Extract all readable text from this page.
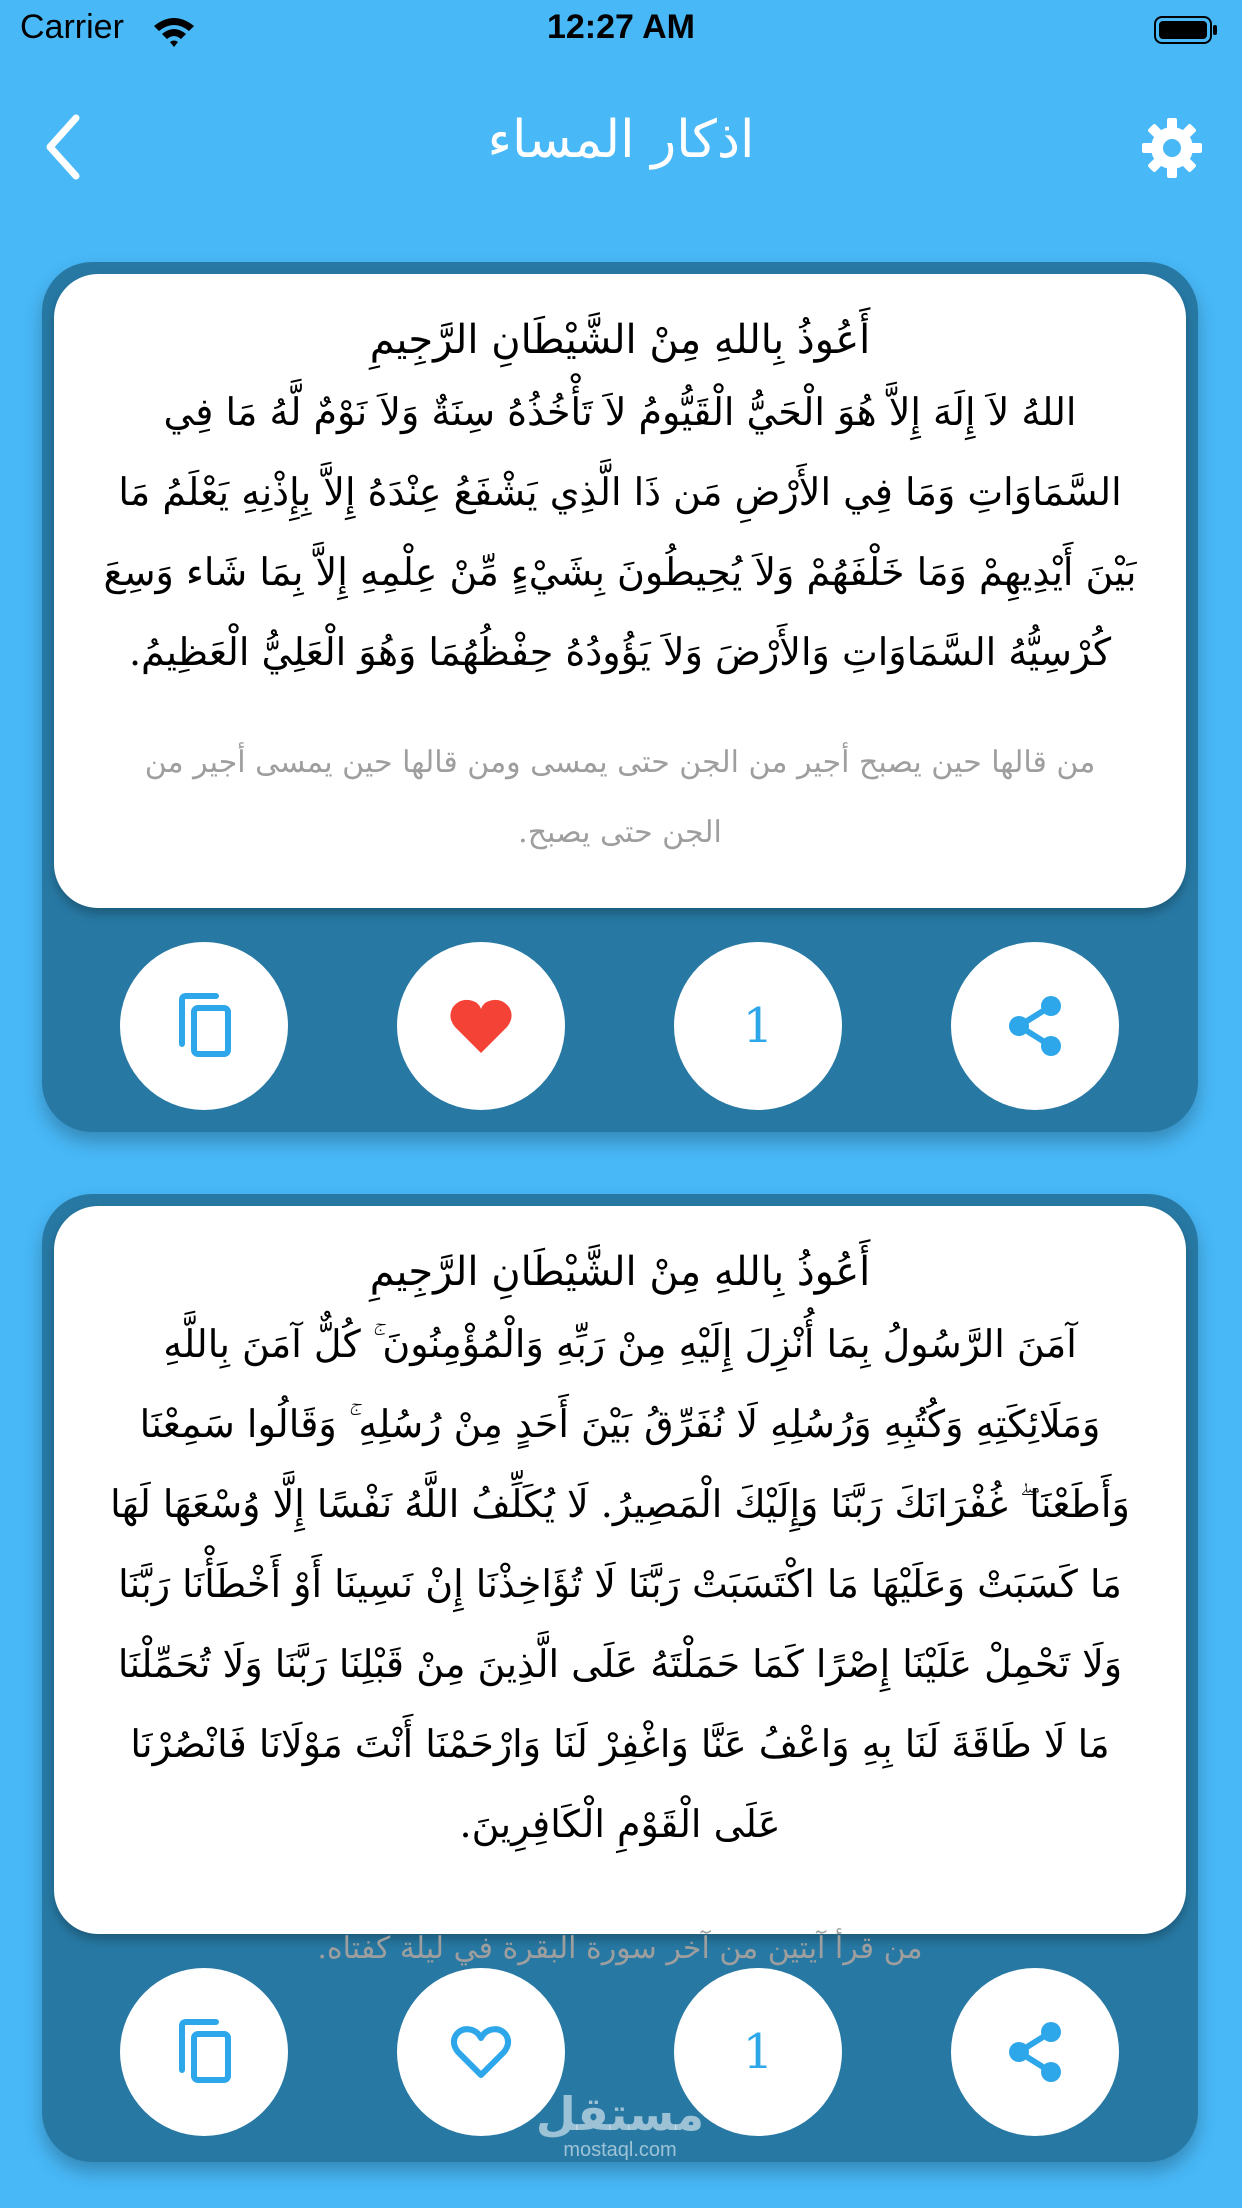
Carrier	12:27 AM
اذكار المساء
أَعُوذُ بِاللهِ مِنْ الشَّيْطَانِ الرَّجِيمِ
اللهُ لاَ إِلَهَ إِلاَّ هُوَ الْحَيُّ الْقَيُّومُ لاَ تَأْخُذُهُ سِنَةٌ وَلاَ نَوْمٌ لَّهُ مَا فِي السَّمَاوَاتِ وَمَا فِي الأَرْضِ مَن ذَا الَّذِي يَشْفَعُ عِنْدَهُ إِلاَّ بِإِذْنِهِ يَعْلَمُ مَا بَيْنَ أَيْدِيهِمْ وَمَا خَلْفَهُمْ وَلاَ يُحِيطُونَ بِشَيْءٍ مِّنْ عِلْمِهِ إِلاَّ بِمَا شَاء وَسِعَ كُرْسِيُّهُ السَّمَاوَاتِ وَالأَرْضَ وَلاَ يَؤُودُهُ حِفْظُهُمَا وَهُوَ الْعَلِيُّ الْعَظِيمُ.
من قالها حين يصبح أجير من الجن حتى يمسى ومن قالها حين يمسى أجير من الجن حتى يصبح.
1
أَعُوذُ بِاللهِ مِنْ الشَّيْطَانِ الرَّجِيمِ
آمَنَ الرَّسُولُ بِمَا أُنْزِلَ إِلَيْهِ مِنْ رَبِّهِ وَالْمُؤْمِنُونَ ۚ كُلٌّ آمَنَ بِاللَّهِ وَمَلَائِكَتِهِ وَكُتُبِهِ وَرُسُلِهِ لَا نُفَرِّقُ بَيْنَ أَحَدٍ مِنْ رُسُلِهِ ۚ وَقَالُوا سَمِعْنَا وَأَطَعْنَا ۖ غُفْرَانَكَ رَبَّنَا وَإِلَيْكَ الْمَصِيرُ. لَا يُكَلِّفُ اللَّهُ نَفْسًا إِلَّا وُسْعَهَا لَهَا مَا كَسَبَتْ وَعَلَيْهَا مَا اكْتَسَبَتْ رَبَّنَا لَا تُؤَاخِذْنَا إِنْ نَسِينَا أَوْ أَخْطَأْنَا رَبَّنَا وَلَا تَحْمِلْ عَلَيْنَا إِصْرًا كَمَا حَمَلْتَهُ عَلَى الَّذِينَ مِنْ قَبْلِنَا رَبَّنَا وَلَا تُحَمِّلْنَا مَا لَا طَاقَةَ لَنَا بِهِ وَاعْفُ عَنَّا وَاغْفِرْ لَنَا وَارْحَمْنَا أَنْتَ مَوْلَانَا فَانْصُرْنَا عَلَى الْقَوْمِ الْكَافِرِينَ.
من قرأ آيتين من آخر سورة البقرة في ليلة كفتاه.
1
مستقل
mostaql.com
